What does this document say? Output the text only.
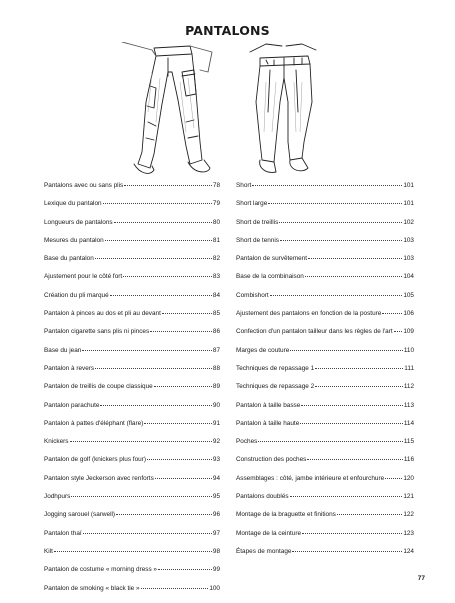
PANTALONS
Pantalons avec ou sans plis	78
Lexique du pantalon	79
Longueurs de pantalons	80
Mesures du pantalon	81
Base du pantalon	82
Ajustement pour le côté fort	83
Création du pli marqué	84
Pantalon à pinces au dos et pli au devant	85
Pantalon cigarette sans plis ni pinces	86
Base du jean	87
Pantalon à revers	88
Pantalon de treillis de coupe classique	89
Pantalon parachute	90
Pantalon à pattes d'éléphant (flare)	91
Knickers	92
Pantalon de golf (knickers plus four)	93
Pantalon style Jeckerson avec renforts	94
Jodhpurs	95
Jogging sarouel (sarwell)	96
Pantalon thaï	97
Kilt	98
Pantalon de costume « morning dress »	99
Pantalon de smoking « black tie »	100
Short	101
Short large	101
Short de treillis	102
Short de tennis	103
Pantalon de survêtement	103
Base de la combinaison	104
Combishort	105
Ajustement des pantalons en fonction de la posture	106
Confection d'un pantalon tailleur dans les règles de l'art 109
Marges de couture	110
Techniques de repassage 1	111
Techniques de repassage 2	112
Pantalon à taille basse	113
Pantalon à taille haute	114
Poches	115
Construction des poches	116
Assemblages : côté, jambe intérieure et enfourchure	120
Pantalons doublés	121
Montage de la braguette et finitions	122
Montage de la ceinture	123
Étapes de montage	124
77
